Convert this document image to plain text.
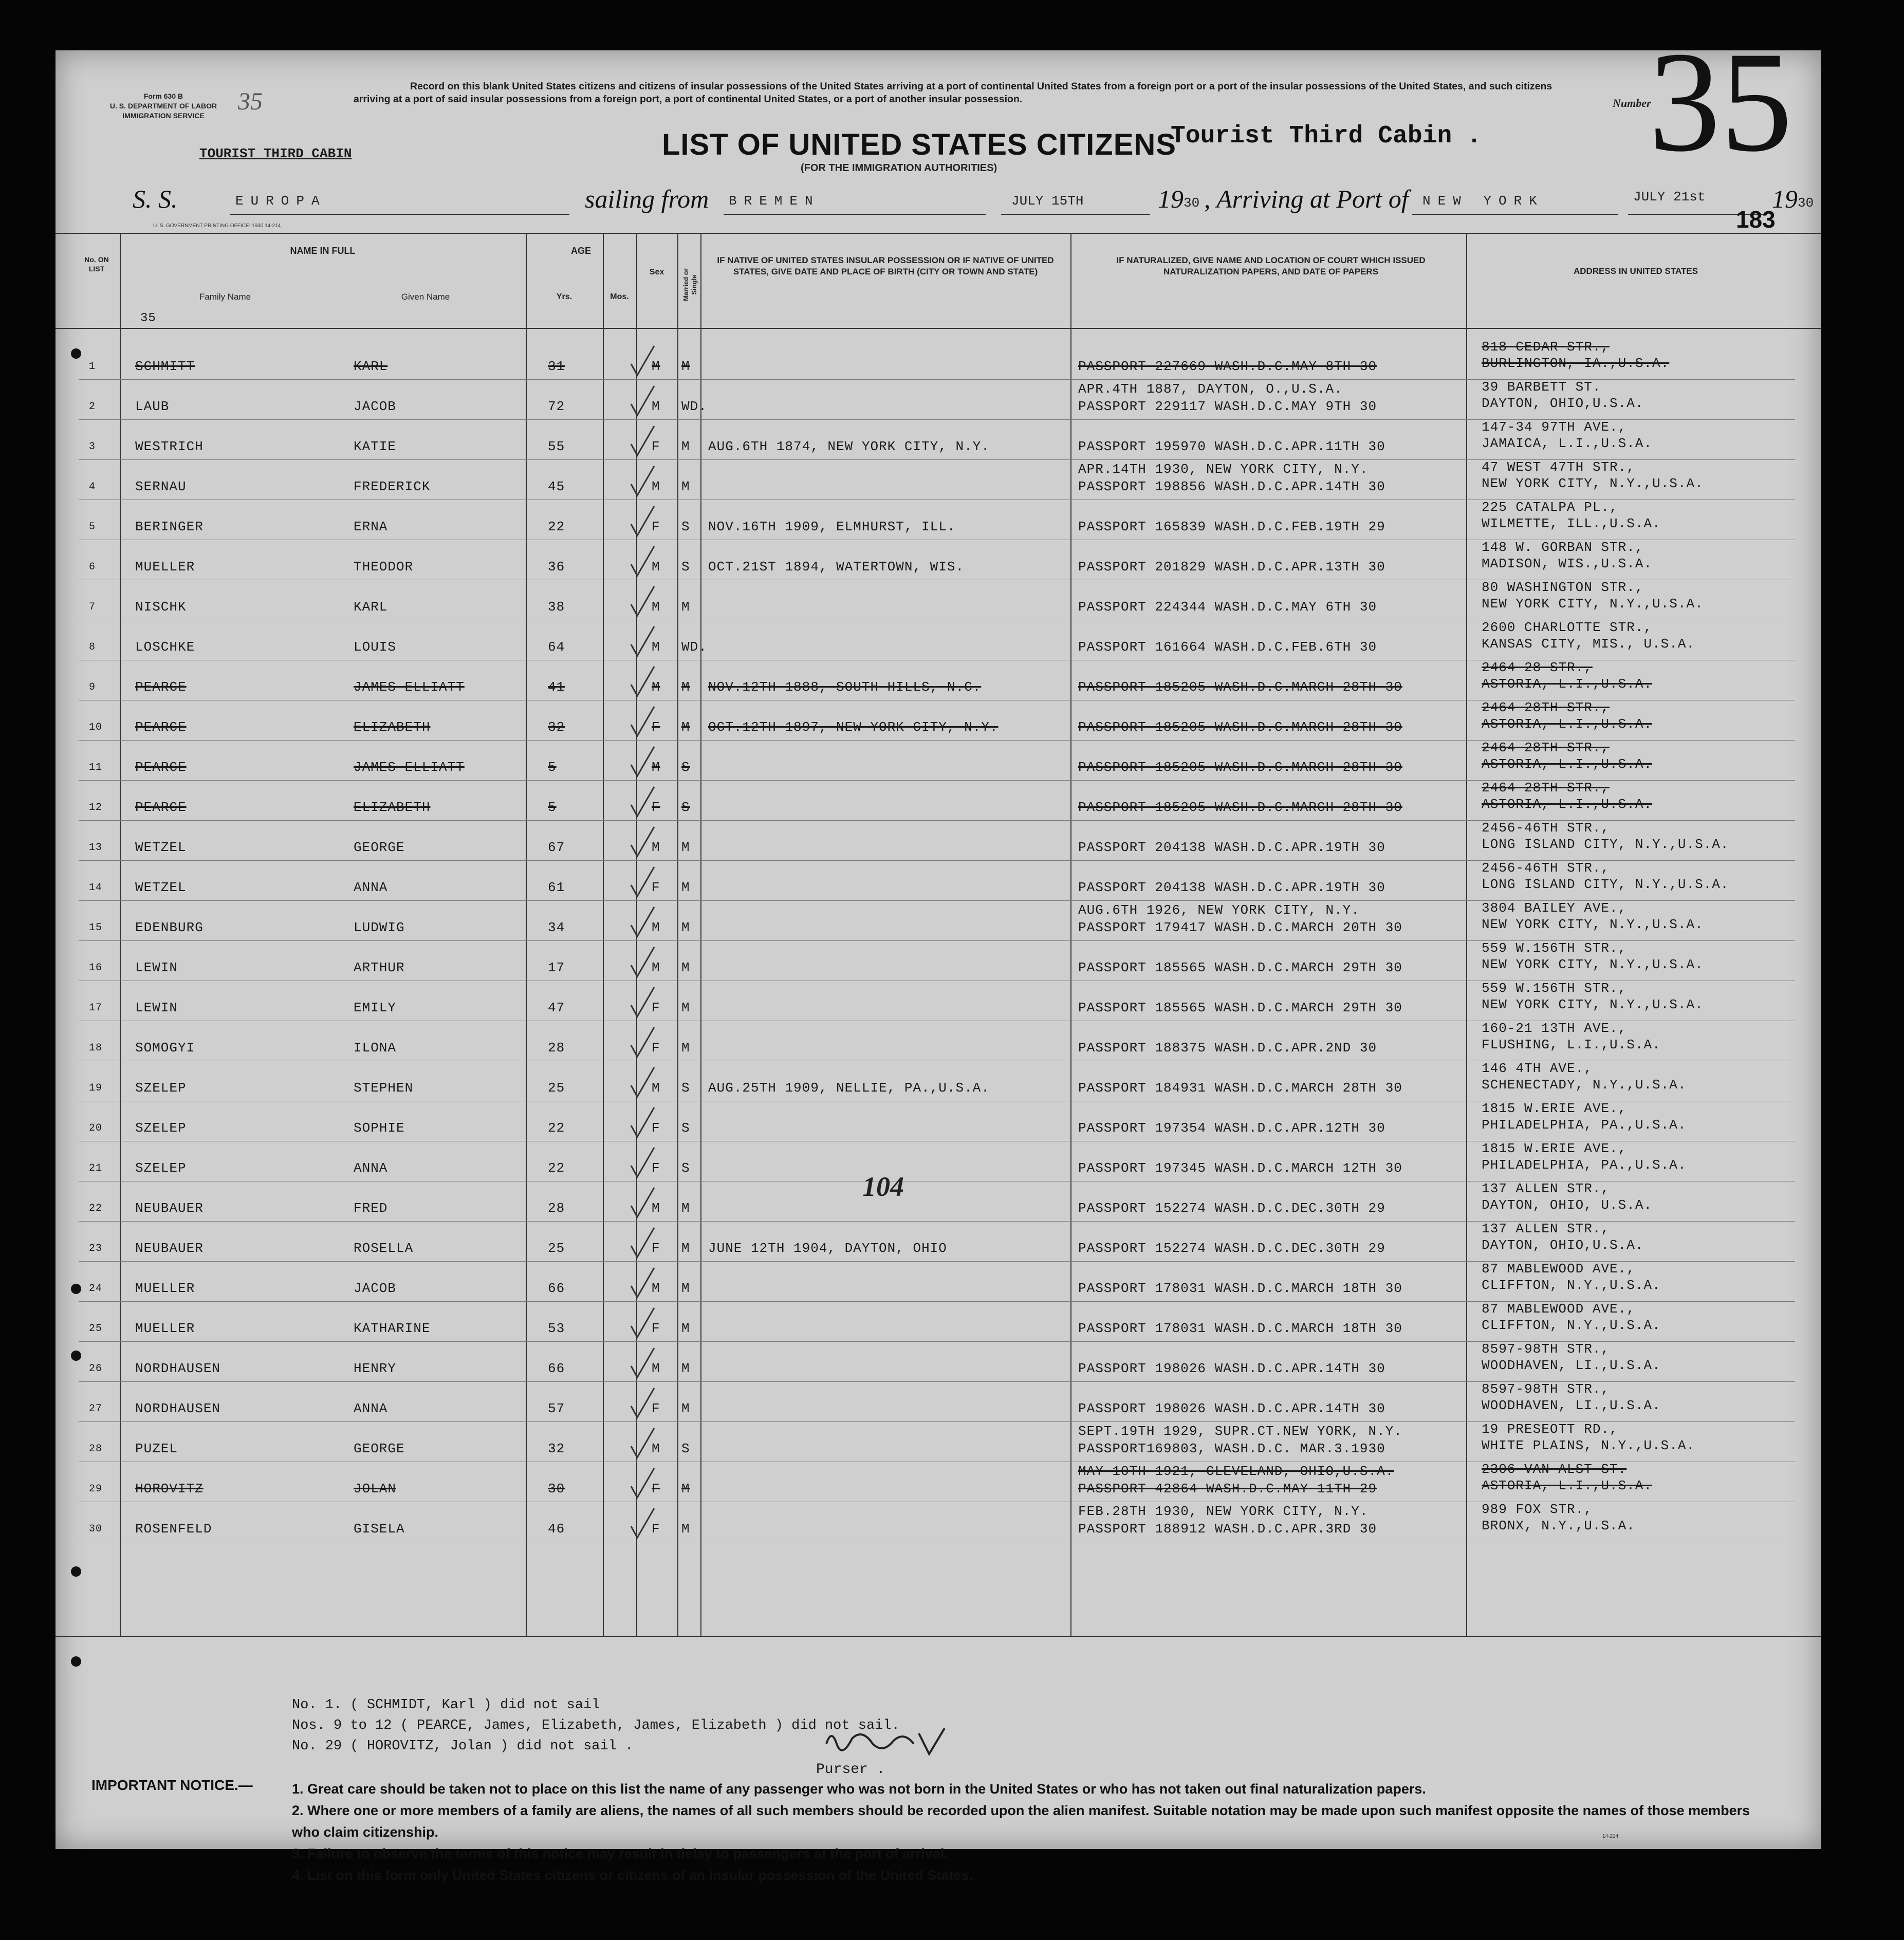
Form 630 B
U. S. DEPARTMENT OF LABOR
IMMIGRATION SERVICE
35
Record on this blank United States citizens and citizens of insular possessions of the United States arriving at a port of continental United States from a foreign port or a port of the insular possessions of the United States, and such citizens arriving at a port of said insular possessions from a foreign port, a port of continental United States, or a port of another insular possession.	Number
35
TOURIST THIRD CABIN	LIST OF UNITED STATES CITIZENS
Tourist Third Cabin .
(FOR THE IMMIGRATION AUTHORITIES)
S. S.	EUROPA	sailing from BREMEN	JULY 15TH	19 30 , Arriving at Port of NEW YORK	JULY 21st	19 30
U. S. GOVERNMENT PRINTING OFFICE: 1930 14-214	183
No. ON LIST
NAME IN FULL
Family Name	Given Name
AGE
Yrs.	Mos.
Sex	Married or Single
IF NATIVE OF UNITED STATES INSULAR POSSESSION OR IF NATIVE OF UNITED STATES, GIVE DATE AND PLACE OF BIRTH (CITY OR TOWN AND STATE)
IF NATURALIZED, GIVE NAME AND LOCATION OF COURT WHICH ISSUED NATURALIZATION PAPERS, AND DATE OF PAPERS	ADDRESS IN UNITED STATES
35
1	SCHMITT	KARL	31	M M	PASSPORT 227669 WASH.D.C.MAY 8TH 30
818 CEDAR STR.,
BURLINGTON, IA.,U.S.A.
2	LAUB	JACOB	72	M WD.
APR.4TH 1887, DAYTON, O.,U.S.A.
PASSPORT 229117 WASH.D.C.MAY 9TH 30
39 BARBETT ST.
DAYTON, OHIO,U.S.A.
3	WESTRICH	KATIE	55	F M AUG.6TH 1874, NEW YORK CITY, N.Y.	PASSPORT 195970 WASH.D.C.APR.11TH 30
147-34 97TH AVE.,
JAMAICA, L.I.,U.S.A.
4	SERNAU	FREDERICK	45	M M
APR.14TH 1930, NEW YORK CITY, N.Y.
PASSPORT 198856 WASH.D.C.APR.14TH 30
47 WEST 47TH STR.,
NEW YORK CITY, N.Y.,U.S.A.
5	BERINGER	ERNA	22	F S NOV.16TH 1909, ELMHURST, ILL.	PASSPORT 165839 WASH.D.C.FEB.19TH 29
225 CATALPA PL.,
WILMETTE, ILL.,U.S.A.
6	MUELLER	THEODOR	36	M S OCT.21ST 1894, WATERTOWN, WIS.	PASSPORT 201829 WASH.D.C.APR.13TH 30
148 W. GORBAN STR.,
MADISON, WIS.,U.S.A.
7	NISCHK	KARL	38	M M	PASSPORT 224344 WASH.D.C.MAY 6TH 30
80 WASHINGTON STR.,
NEW YORK CITY, N.Y.,U.S.A.
8	LOSCHKE	LOUIS	64	M WD.	PASSPORT 161664 WASH.D.C.FEB.6TH 30
2600 CHARLOTTE STR.,
KANSAS CITY, MIS., U.S.A.
9	PEARCE	JAMES ELLIATT	41	M M NOV.12TH 1888, SOUTH HILLS, N.C.	PASSPORT 185205 WASH.D.C.MARCH 28TH 30
2464-28 STR.,
ASTORIA, L.I.,U.S.A.
10 PEARCE	ELIZABETH	32	F M OCT.12TH 1897, NEW YORK CITY, N.Y.	PASSPORT 185205 WASH.D.C.MARCH 28TH 30
2464-28TH STR.,
ASTORIA, L.I.,U.S.A.
11 PEARCE	JAMES ELLIATT	5	M S	PASSPORT 185205 WASH.D.C.MARCH 28TH 30
2464-28TH STR.,
ASTORIA, L.I.,U.S.A.
12 PEARCE	ELIZABETH	5	F S	PASSPORT 185205 WASH.D.C.MARCH 28TH 30
2464-28TH STR.,
ASTORIA, L.I.,U.S.A.
13 WETZEL	GEORGE	67	M M	PASSPORT 204138 WASH.D.C.APR.19TH 30
2456-46TH STR.,
LONG ISLAND CITY, N.Y.,U.S.A.
14 WETZEL	ANNA	61	F M	PASSPORT 204138 WASH.D.C.APR.19TH 30
2456-46TH STR.,
LONG ISLAND CITY, N.Y.,U.S.A.
15 EDENBURG	LUDWIG	34	M M
AUG.6TH 1926, NEW YORK CITY, N.Y.
PASSPORT 179417 WASH.D.C.MARCH 20TH 30
3804 BAILEY AVE.,
NEW YORK CITY, N.Y.,U.S.A.
16 LEWIN	ARTHUR	17	M M	PASSPORT 185565 WASH.D.C.MARCH 29TH 30
559 W.156TH STR.,
NEW YORK CITY, N.Y.,U.S.A.
17 LEWIN	EMILY	47	F M	PASSPORT 185565 WASH.D.C.MARCH 29TH 30
559 W.156TH STR.,
NEW YORK CITY, N.Y.,U.S.A.
18 SOMOGYI	ILONA	28	F M	PASSPORT 188375 WASH.D.C.APR.2ND 30
160-21 13TH AVE.,
FLUSHING, L.I.,U.S.A.
19 SZELEP	STEPHEN	25	M S AUG.25TH 1909, NELLIE, PA.,U.S.A.	PASSPORT 184931 WASH.D.C.MARCH 28TH 30
146 4TH AVE.,
SCHENECTADY, N.Y.,U.S.A.
20 SZELEP	SOPHIE	22	F S	PASSPORT 197354 WASH.D.C.APR.12TH 30
1815 W.ERIE AVE.,
PHILADELPHIA, PA.,U.S.A.
21 SZELEP	ANNA	22	F S	PASSPORT 197345 WASH.D.C.MARCH 12TH 30
1815 W.ERIE AVE.,
PHILADELPHIA, PA.,U.S.A.
22 NEUBAUER	FRED	28	M M	PASSPORT 152274 WASH.D.C.DEC.30TH 29
137 ALLEN STR.,
DAYTON, OHIO, U.S.A.
23 NEUBAUER	ROSELLA	25	F M JUNE 12TH 1904, DAYTON, OHIO	PASSPORT 152274 WASH.D.C.DEC.30TH 29
137 ALLEN STR.,
DAYTON, OHIO,U.S.A.
24 MUELLER	JACOB	66	M M	PASSPORT 178031 WASH.D.C.MARCH 18TH 30
87 MABLEWOOD AVE.,
CLIFFTON, N.Y.,U.S.A.
25 MUELLER	KATHARINE	53	F M	PASSPORT 178031 WASH.D.C.MARCH 18TH 30
87 MABLEWOOD AVE.,
CLIFFTON, N.Y.,U.S.A.
26 NORDHAUSEN	HENRY	66	M M	PASSPORT 198026 WASH.D.C.APR.14TH 30
8597-98TH STR.,
WOODHAVEN, LI.,U.S.A.
27 NORDHAUSEN	ANNA	57	F M	PASSPORT 198026 WASH.D.C.APR.14TH 30
8597-98TH STR.,
WOODHAVEN, LI.,U.S.A.
28 PUZEL	GEORGE	32	M S
SEPT.19TH 1929, SUPR.CT.NEW YORK, N.Y.
PASSPORT169803, WASH.D.C. MAR.3.1930
19 PRESEOTT RD.,
WHITE PLAINS, N.Y.,U.S.A.
29 HOROVITZ	JOLAN	30	F M
MAY 10TH 1921, CLEVELAND, OHIO,U.S.A.
PASSPORT 42864 WASH.D.C.MAY 11TH 29
2306 VAN ALST ST.
ASTORIA, L.I.,U.S.A.
30 ROSENFELD	GISELA	46	F M
FEB.28TH 1930, NEW YORK CITY, N.Y.
PASSPORT 188912 WASH.D.C.APR.3RD 30
989 FOX STR.,
BRONX, N.Y.,U.S.A.
104
No. 1. ( SCHMIDT, Karl ) did not sail
Nos. 9 to 12 ( PEARCE, James, Elizabeth, James, Elizabeth ) did not sail.
No. 29 ( HOROVITZ, Jolan ) did not sail .
Purser .
IMPORTANT NOTICE.—	1. Great care should be taken not to place on this list the name of any passenger who was not born in the United States or who has not taken out final naturalization papers.

2. Where one or more members of a family are aliens, the names of all such members should be recorded upon the alien manifest. Suitable notation may be made upon such manifest opposite the names of those members who claim citizenship.

3. Failure to observe the terms of this notice may result in delay to passengers at the port of arrival.

4. List on this form only United States citizens or citizens of an insular possession of the United States.

14-214
